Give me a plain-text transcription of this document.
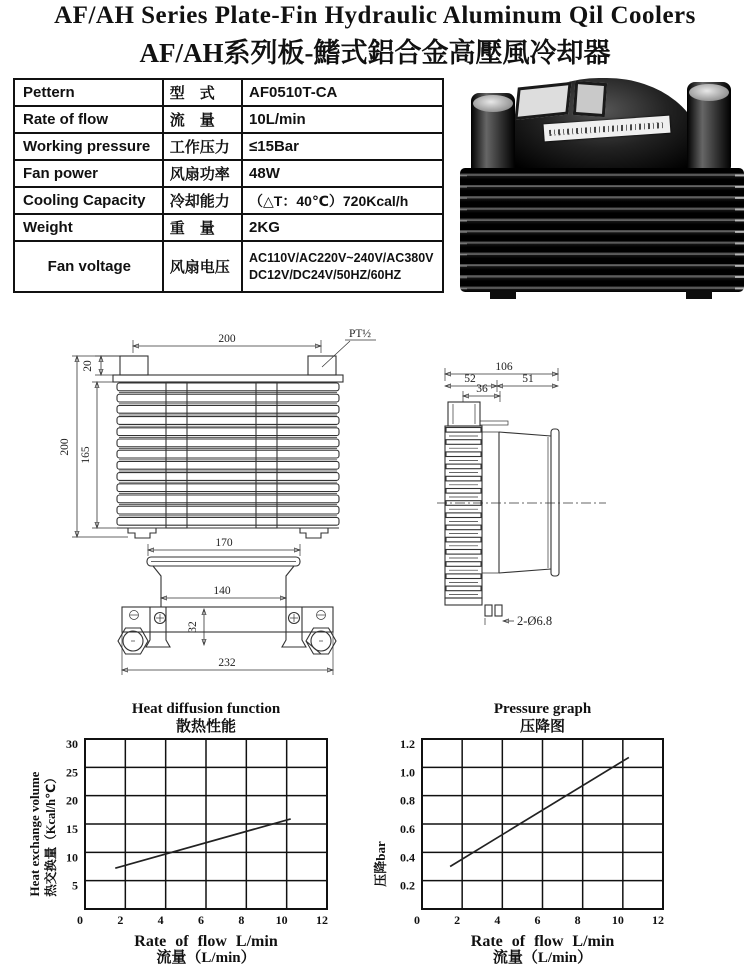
AF/AH Series Plate-Fin Hydraulic Aluminum Qil Coolers
AF/AH系列板-鰭式鋁合金高壓風冷却器
Pettern	型　式	AF0510T-CA
Rate of flow	流　量	10L/min
Working pressure	工作压力	≤15Bar
Fan power	风扇功率	48W
Cooling Capacity	冷却能力	（△T：40℃）720Kcal/h
Weight	重　量	2KG
Fan voltage	风扇电压	AC110V/AC220V~240V/AC380V
DC12V/DC24V/50HZ/60HZ
200	PT½
20
200 165
170
140
32
232
106
52	51
36
2-Ø6.8
Heat diffusion function
散热性能
Heat exchange volume 热交换量（Kcal/h℃）
0	2	4	6	8	10 12
5
10
15
20
25
30
Rate of flow L/min
流量（L/min）
Pressure graph
压降图
压降bar
0	2	4	6	8	10 12
0.2
0.4
0.6
0.8
1.0
1.2
Rate of flow L/min
流量（L/min）
